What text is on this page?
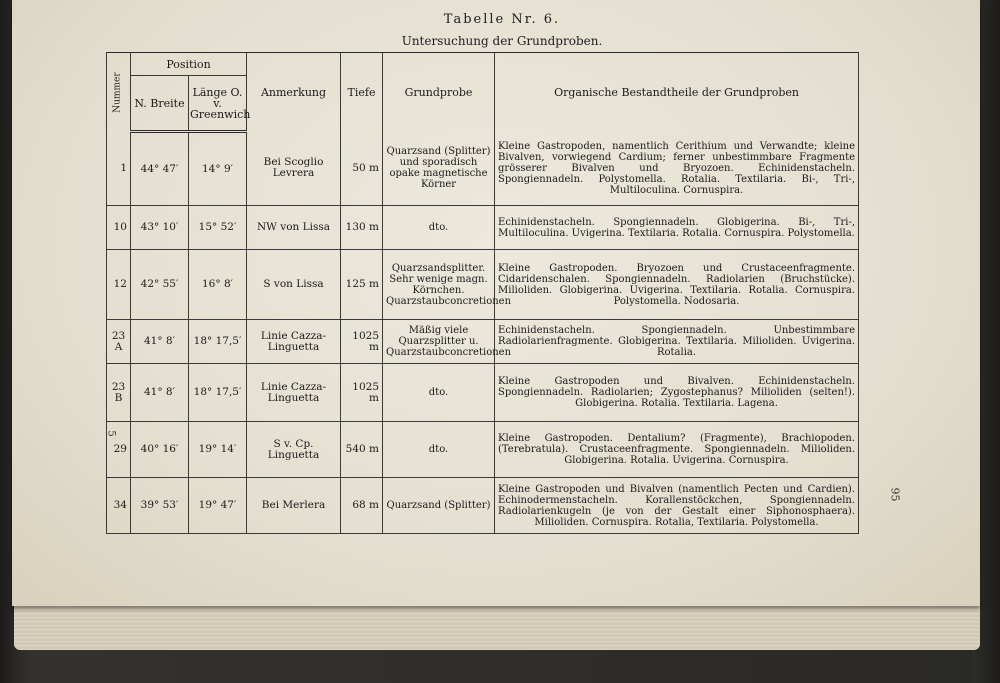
Tabelle Nr. 6.
Untersuchung der Grundproben.
Nummer	Position		Anmerkung	Tiefe	Grundprobe	Organische Bestandtheile der Grundproben
	N. Breite	Länge O. v. Greenwich				
1	44° 47′	14° 9′	Bei Scoglio Levrera	50 m	Quarzsand (Splitter) und sporadisch opake magnetische Körner	Kleine Gastropoden, namentlich Cerithium und Verwandte; kleine Bivalven, vorwiegend Cardium; ferner unbestimmbare Fragmente grösserer Bivalven und Bryozoen. Echinidenstacheln. Spongiennadeln. Polystomella. Rotalia. Textilaria. Bi-, Tri-, Multiloculina. Cornuspira.
10	43° 10′	15° 52′	NW von Lissa	130 m	dto.	Echinidenstacheln. Spongiennadeln. Globigerina. Bi-, Tri-, Multiloculina. Uvigerina. Textilaria. Rotalia. Cornuspira. Polystomella.
12	42° 55′	16° 8′	S von Lissa	125 m	Quarzsandsplitter. Sehr wenige magn. Körnchen. Quarzstaubconcretionen	Kleine Gastropoden. Bryozoen und Crustaceenfragmente. Cidaridenschalen. Spongiennadeln. Radiolarien (Bruchstücke). Milioliden. Globigerina. Uvigerina. Textilaria. Rotalia. Cornuspira. Polystomella. Nodosaria.
23 A	41° 8′	18° 17,5′	Linie Cazza-Linguetta	1025 m	Mäßig viele Quarzsplitter u. Quarzstaubconcretionen	Echinidenstacheln. Spongiennadeln. Unbestimmbare Radiolarienfragmente. Globigerina. Textilaria. Milioliden. Uvigerina. Rotalia.
23 B	41° 8′	18° 17,5′	Linie Cazza-Linguetta	1025 m	dto.	Kleine Gastropoden und Bivalven. Echinidenstacheln. Spongiennadeln. Radiolarien; Zygostephanus? Milioliden (selten!). Globigerina. Rotalia. Textilaria. Lagena.
29	40° 16′	19° 14′	S v. Cp. Linguetta	540 m	dto.	Kleine Gastropoden. Dentalium? (Fragmente), Brachiopoden. (Terebratula). Crustaceenfragmente. Spongiennadeln. Milioliden. Globigerina. Rotalia. Uvigerina. Cornuspira.
34	39° 53′	19° 47′	Bei Merlera	68 m	Quarzsand (Splitter)	Kleine Gastropoden und Bivalven (namentlich Pecten und Cardien). Echinodermenstacheln. Korallenstöckchen, Spongiennadeln. Radiolarienkugeln (je von der Gestalt einer Siphonosphaera). Milioliden. Cornuspira. Rotalia, Textilaria. Polystomella.
5
95
